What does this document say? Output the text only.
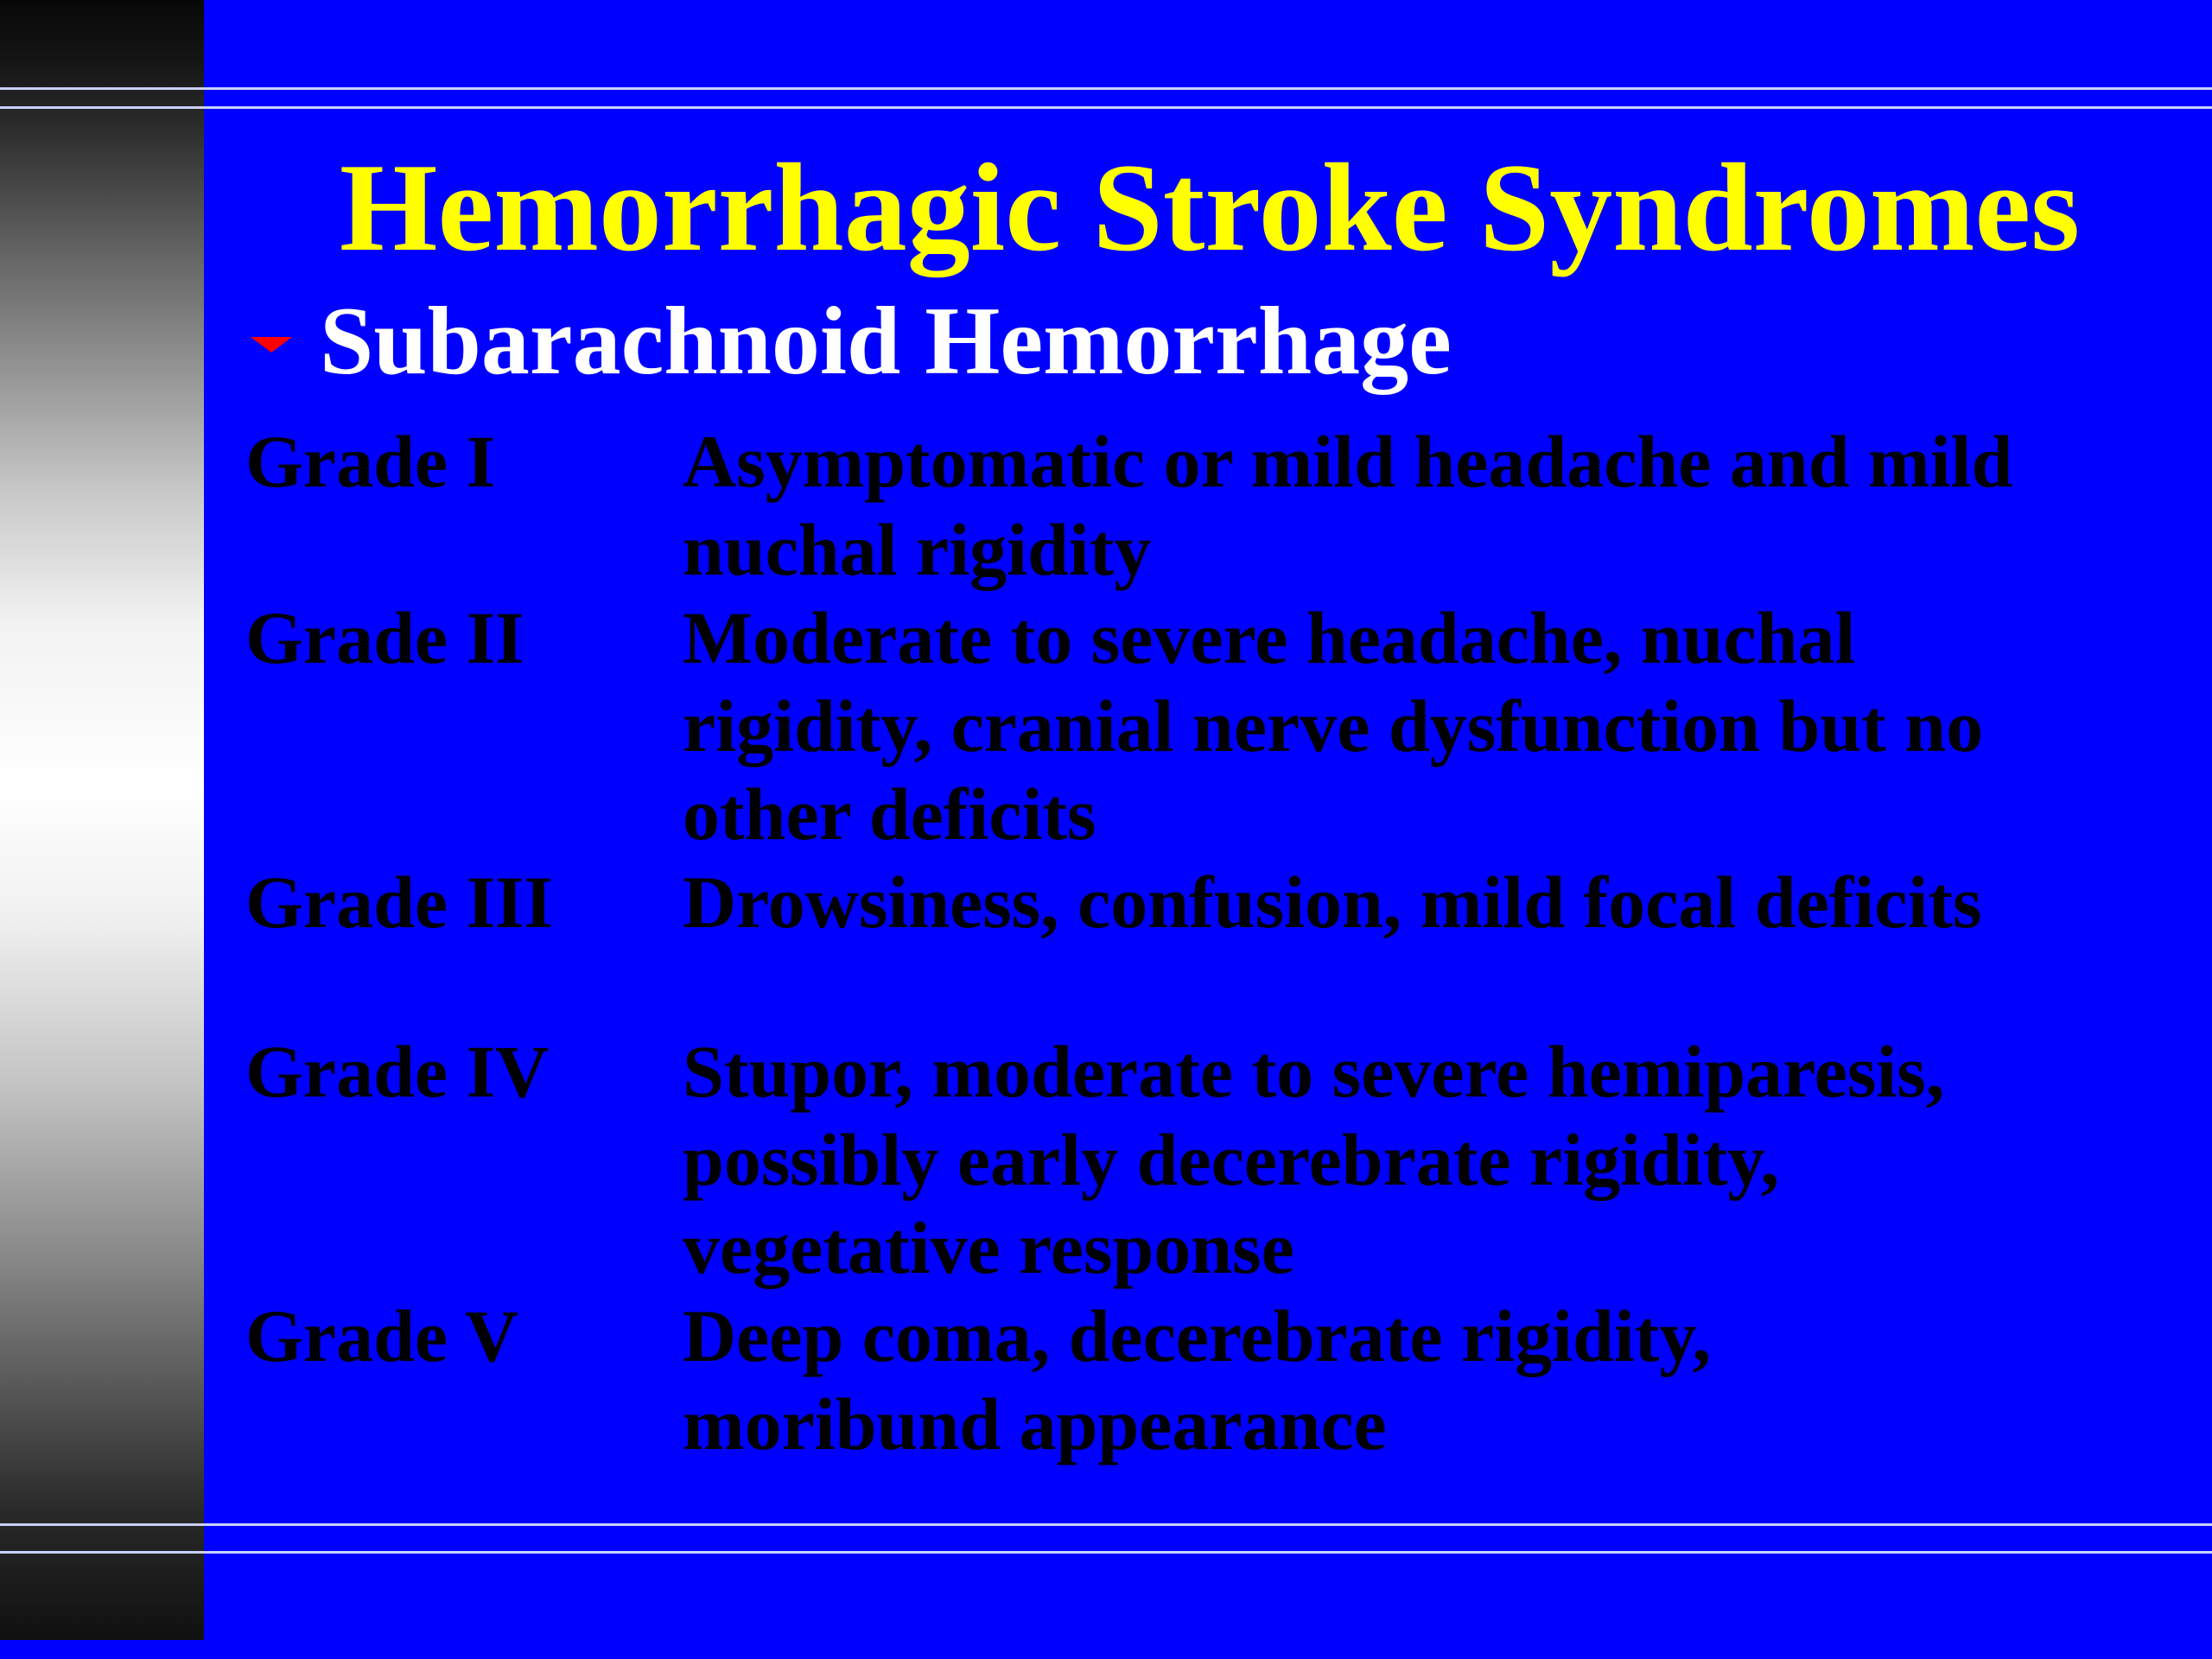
Hemorrhagic Stroke Syndromes
Subarachnoid Hemorrhage
Grade I	Asymptomatic or mild headache and mild
nuchal rigidity
Grade II	Moderate to severe headache, nuchal
rigidity, cranial nerve dysfunction but no
other deficits
Grade III	Drowsiness, confusion, mild focal deficits
Grade IV	Stupor, moderate to severe hemiparesis,
possibly early decerebrate rigidity,
vegetative response
Grade V	Deep coma, decerebrate rigidity,
moribund appearance
